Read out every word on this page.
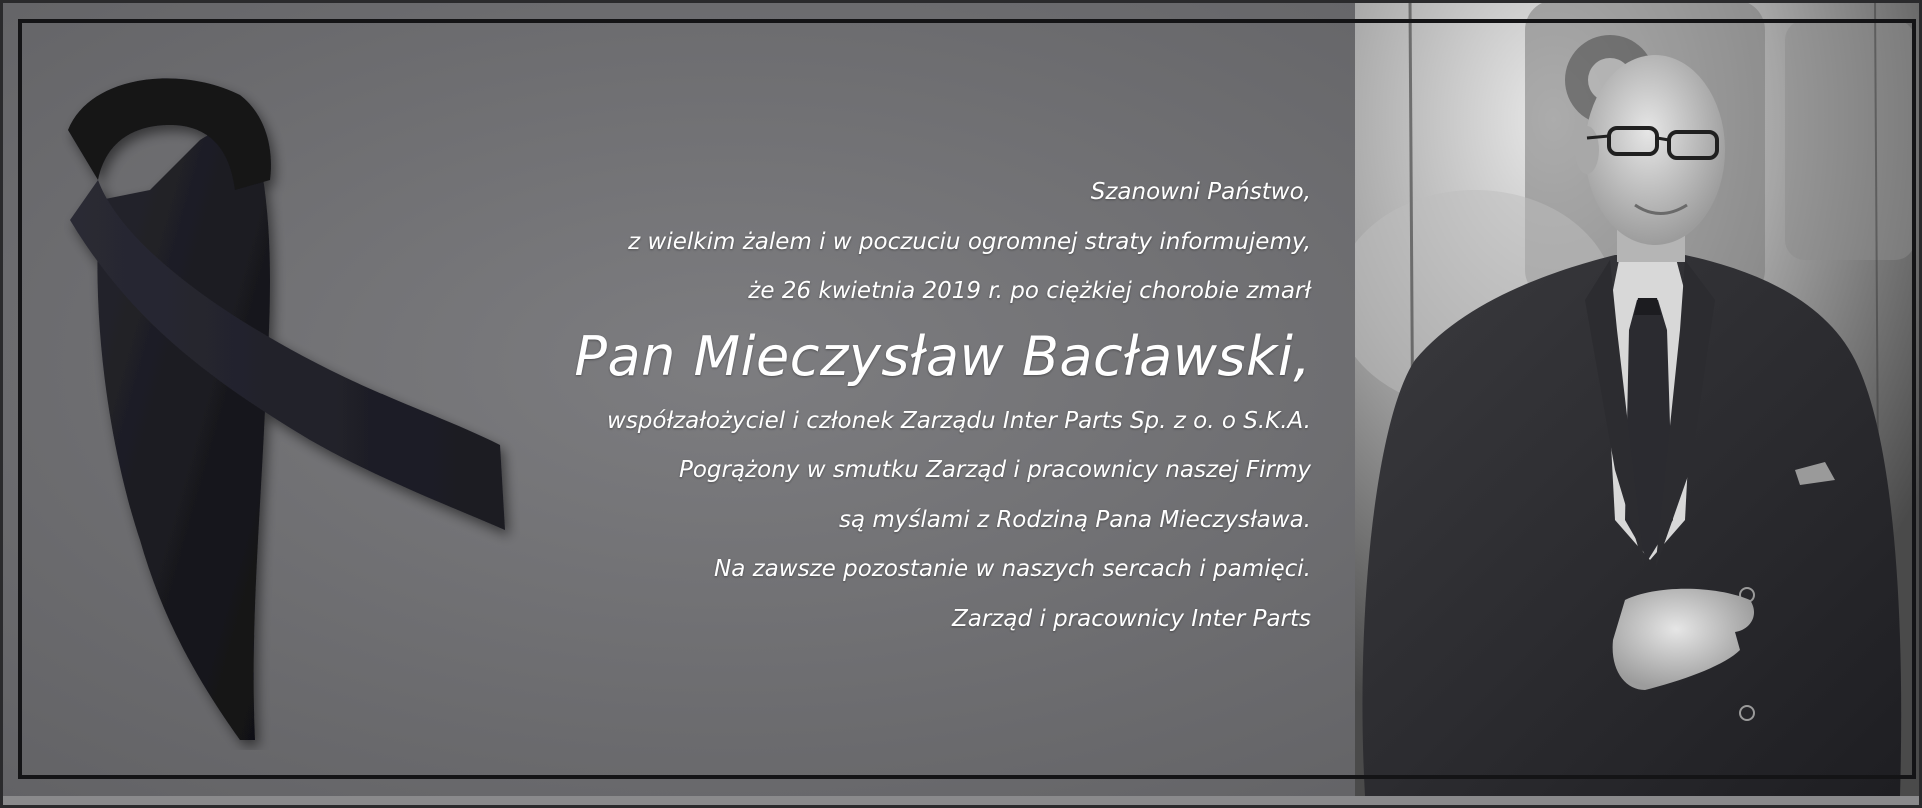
Szanowni Państwo,
z wielkim żalem i w poczuciu ogromnej straty informujemy,
że 26 kwietnia 2019 r. po ciężkiej chorobie zmarł
Pan Mieczysław Bacławski,
współzałożyciel i członek Zarządu Inter Parts Sp. z o. o S.K.A.
Pogrążony w smutku Zarząd i pracownicy naszej Firmy
są myślami z Rodziną Pana Mieczysława.
Na zawsze pozostanie w naszych sercach i pamięci.
Zarząd i pracownicy Inter Parts
